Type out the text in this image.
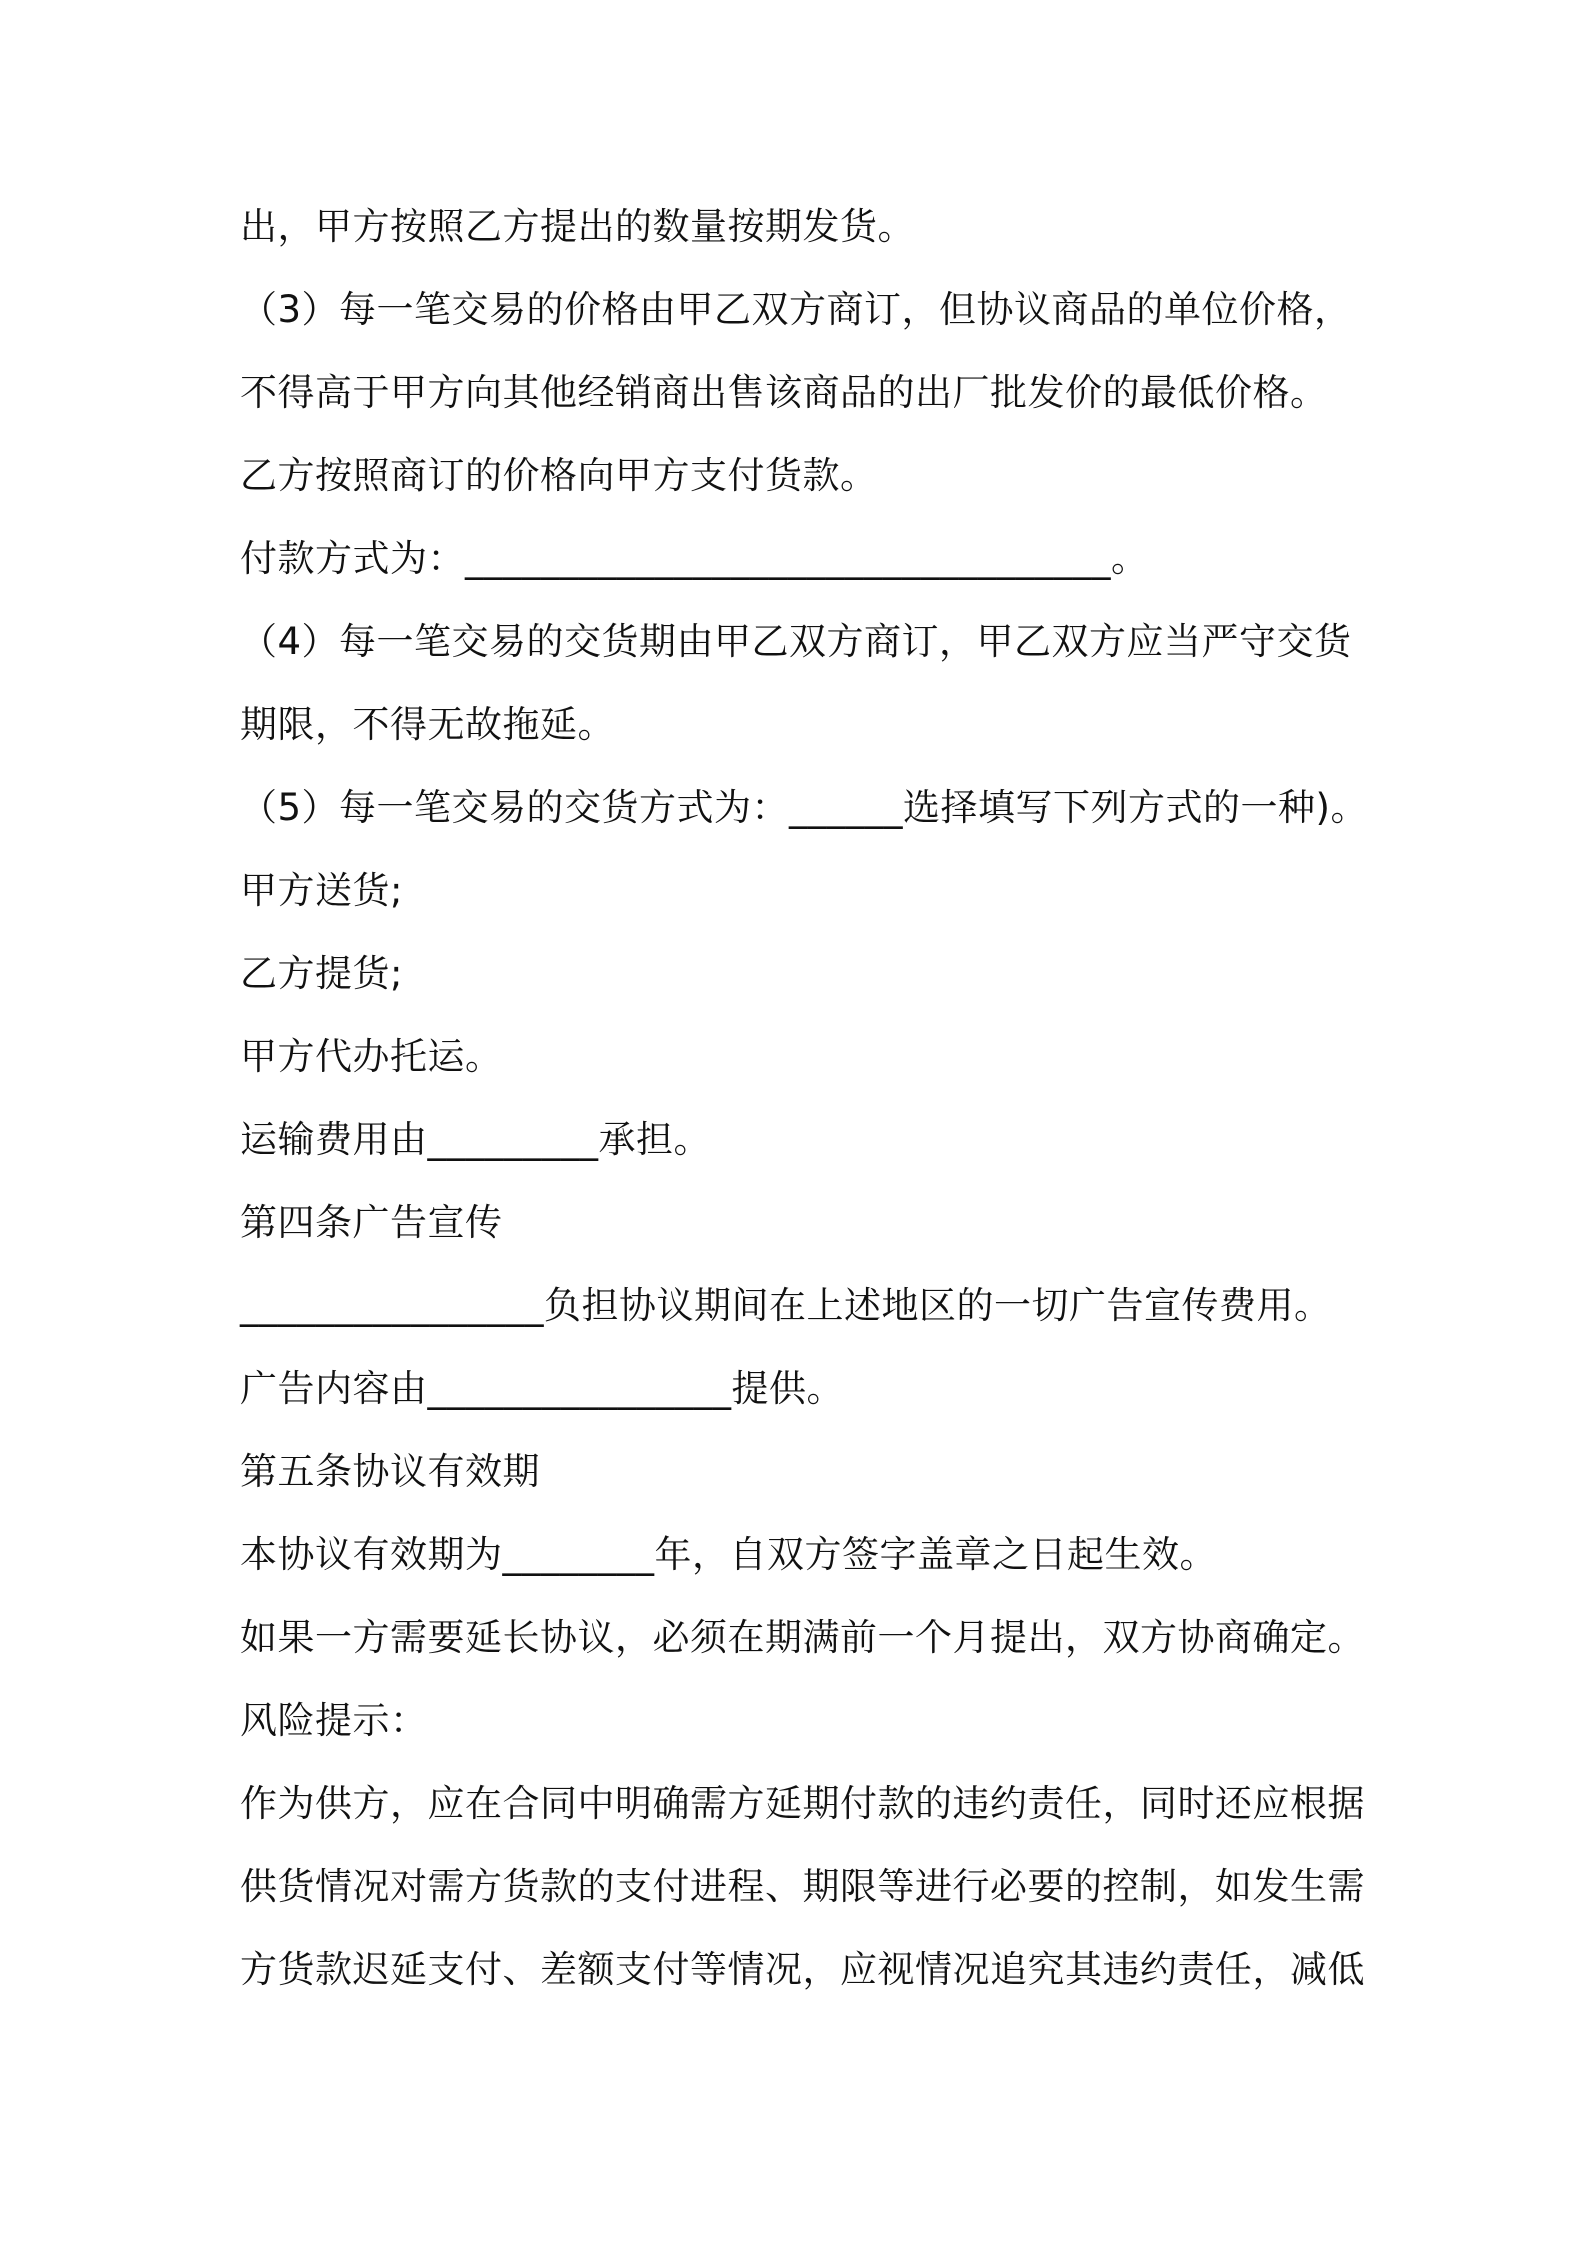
出，甲方按照乙方提出的数量按期发货。

（3）每一笔交易的价格由甲乙双方商订，但协议商品的单位价格，

不得高于甲方向其他经销商出售该商品的出厂批发价的最低价格。

乙方按照商订的价格向甲方支付货款。

付款方式为：__________________________________。

（4）每一笔交易的交货期由甲乙双方商订，甲乙双方应当严守交货

期限，不得无故拖延。

（5）每一笔交易的交货方式为：______选择填写下列方式的一种)。

甲方送货;

乙方提货;

甲方代办托运。

运输费用由_________承担。

第四条广告宣传

________________负担协议期间在上述地区的一切广告宣传费用。

广告内容由________________提供。

第五条协议有效期

本协议有效期为________年，自双方签字盖章之日起生效。

如果一方需要延长协议，必须在期满前一个月提出，双方协商确定。

风险提示：

作为供方，应在合同中明确需方延期付款的违约责任，同时还应根据

供货情况对需方货款的支付进程、期限等进行必要的控制，如发生需

方货款迟延支付、差额支付等情况，应视情况追究其违约责任，减低
